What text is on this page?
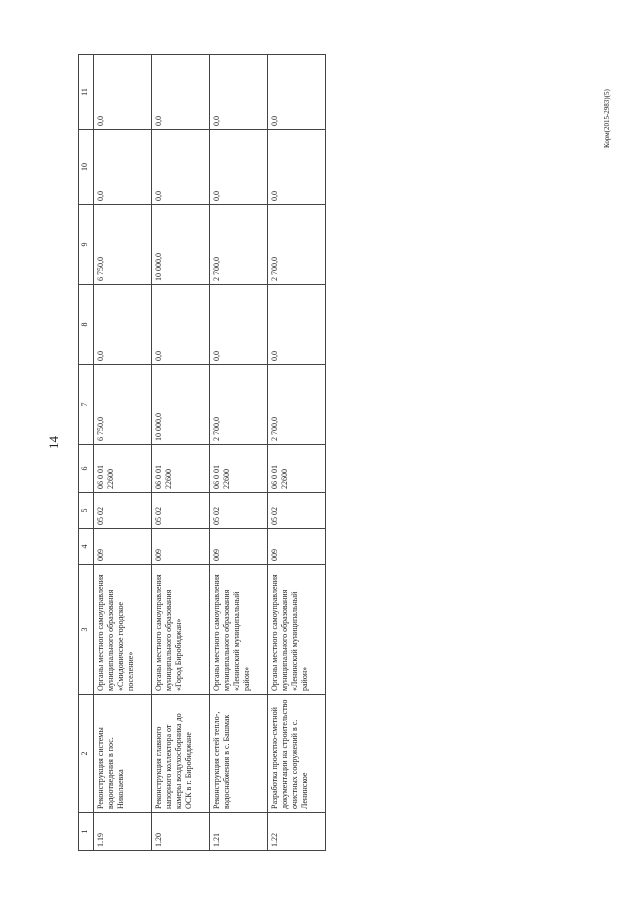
14
Корм(2015-2983)(5)
1	2	3	4	5	6	7	8	9	10	11
1.19	Реконструкция системы водоотведения в пос. Николаевка	Органы местного самоуправления муниципального образования «Смидовичское городское поселение»	009	05 02	06 0 01 22600	6 750,0	0,0	6 750,0	0,0	0,0
1.20	Реконструкция главного напорного коллектора от камеры воздухосборника до ОСК в г. Биробиджане	Органы местного самоуправления муниципального образования «Город Биробиджан»	009	05 02	06 0 01 22600	10 000,0	0,0	10 000,0	0,0	0,0
1.21	Реконструкция сетей тепло-, водоснабжения в с. Башмак	Органы местного самоуправления муниципального образования «Ленинский муниципальный район»	009	05 02	06 0 01 22600	2 700,0	0,0	2 700,0	0,0	0,0
1.22	Разработка проектно-сметной документации на строительство очистных сооружений в с. Ленинское	Органы местного самоуправления муниципального образования «Ленинский муниципальный район»	009	05 02	06 0 01 22600	2 700,0	0,0	2 700,0	0,0	0,0
